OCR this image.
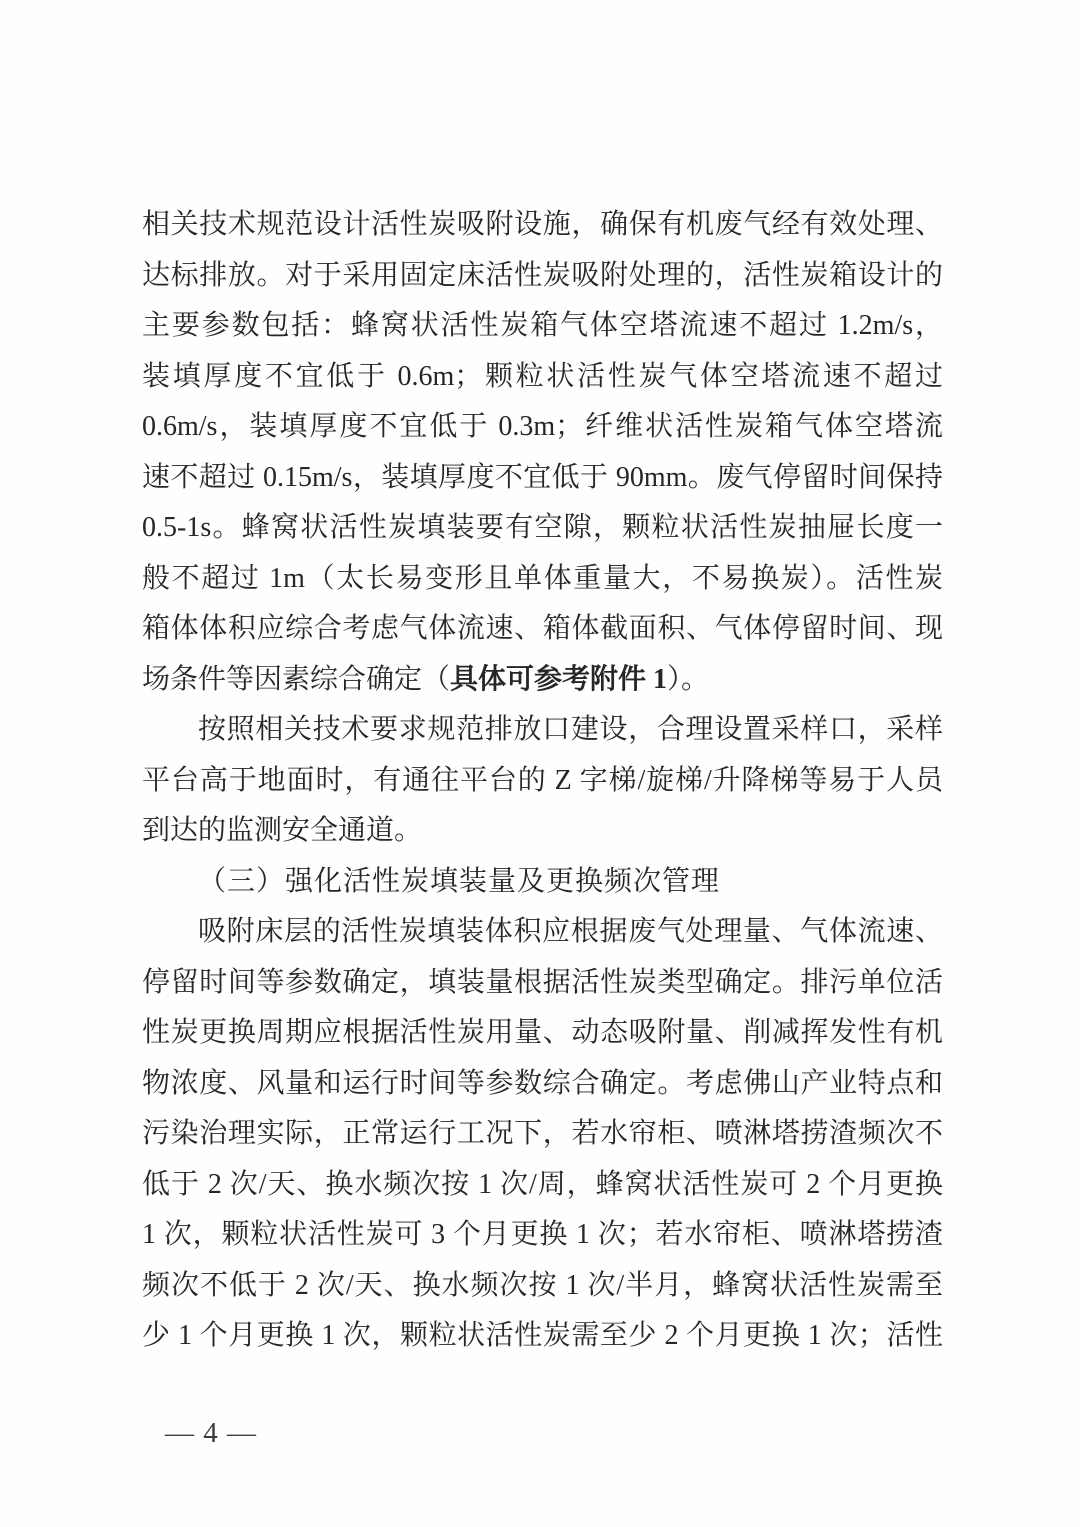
相关技术规范设计活性炭吸附设施，确保有机废气经有效处理、
达标排放。对于采用固定床活性炭吸附处理的，活性炭箱设计的
主要参数包括：蜂窝状活性炭箱气体空塔流速不超过 1.2m/s，
装填厚度不宜低于 0.6m；颗粒状活性炭气体空塔流速不超过
0.6m/s，装填厚度不宜低于 0.3m；纤维状活性炭箱气体空塔流
速不超过 0.15m/s，装填厚度不宜低于 90mm。废气停留时间保持
0.5-1s。蜂窝状活性炭填装要有空隙，颗粒状活性炭抽屉长度一
般不超过 1m（太长易变形且单体重量大，不易换炭）。活性炭
箱体体积应综合考虑气体流速、箱体截面积、气体停留时间、现
场条件等因素综合确定（具体可参考附件 1）。
按照相关技术要求规范排放口建设，合理设置采样口，采样
平台高于地面时，有通往平台的 Z 字梯/旋梯/升降梯等易于人员
到达的监测安全通道。
（三）强化活性炭填装量及更换频次管理
吸附床层的活性炭填装体积应根据废气处理量、气体流速、
停留时间等参数确定，填装量根据活性炭类型确定。排污单位活
性炭更换周期应根据活性炭用量、动态吸附量、削减挥发性有机
物浓度、风量和运行时间等参数综合确定。考虑佛山产业特点和
污染治理实际，正常运行工况下，若水帘柜、喷淋塔捞渣频次不
低于 2 次/天、换水频次按 1 次/周，蜂窝状活性炭可 2 个月更换
1 次，颗粒状活性炭可 3 个月更换 1 次；若水帘柜、喷淋塔捞渣
频次不低于 2 次/天、换水频次按 1 次/半月，蜂窝状活性炭需至
少 1 个月更换 1 次，颗粒状活性炭需至少 2 个月更换 1 次；活性
— 4 —
